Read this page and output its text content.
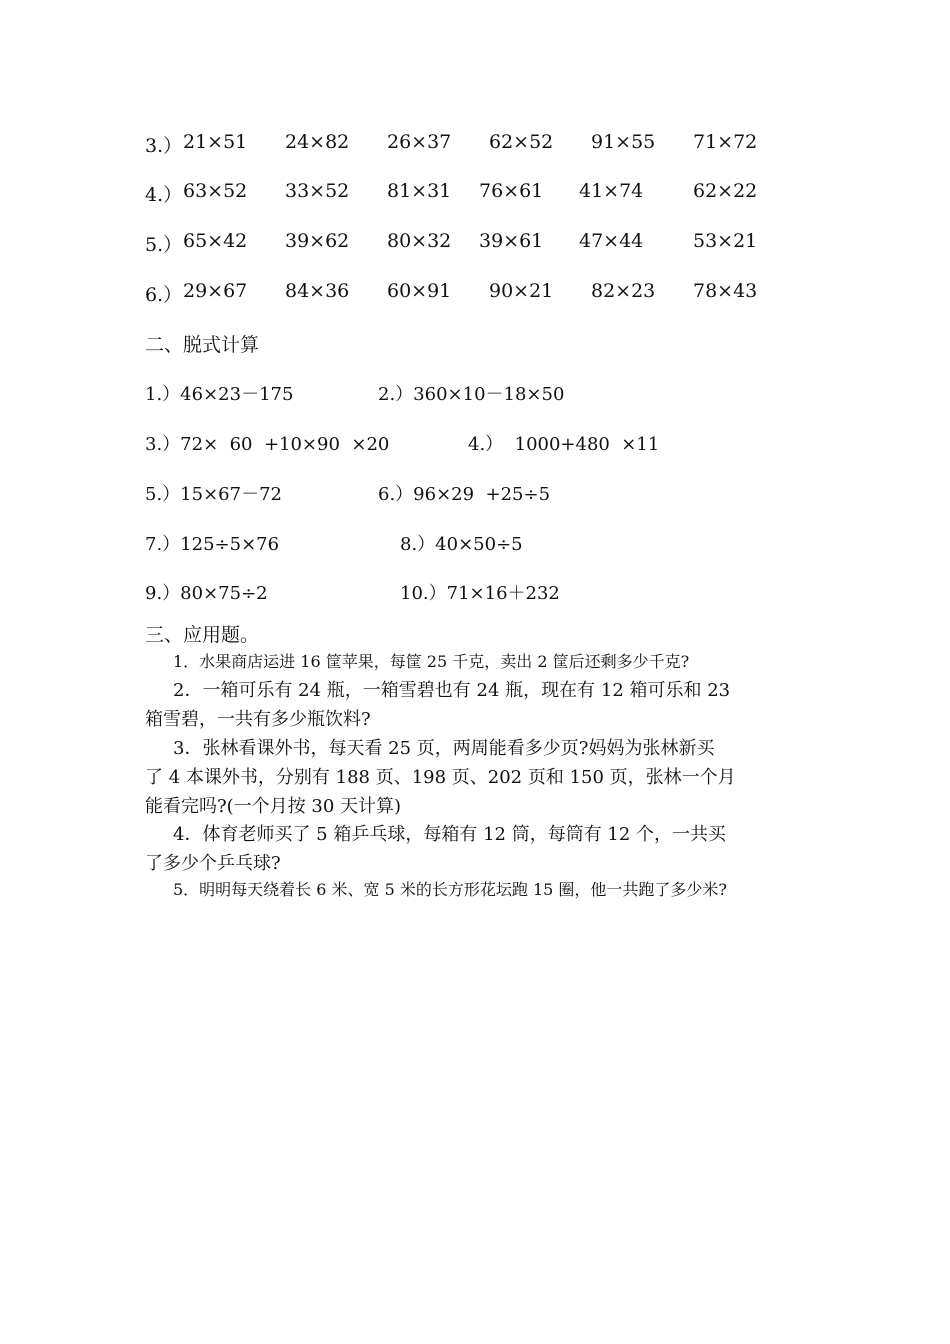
3.） 21×51 24×82 26×37 62×52 91×55 71×72
4.） 63×52 33×52 81×31 76×61 41×74	62×22
5.） 65×42 39×62 80×32 39×61 47×44	53×21
6.） 29×67 84×36 60×91 90×21 82×23 78×43
二、脱式计算
1.）46×23－175	2.）360×10－18×50
3.）72×  60  +10×90  ×20	4.）  1000+480  ×11
5.）15×67－72	6.）96×29  +25÷5
7.）125÷5×76	8.）40×50÷5
9.）80×75÷2	10.）71×16＋232
三、应用题。
1．水果商店运进 16 筐苹果，每筐 25 千克，卖出 2 筐后还剩多少千克?
2．一箱可乐有 24 瓶，一箱雪碧也有 24 瓶，现在有 12 箱可乐和 23
箱雪碧，一共有多少瓶饮料?
3．张林看课外书，每天看 25 页，两周能看多少页?妈妈为张林新买
了 4 本课外书，分别有 188 页、198 页、202 页和 150 页，张林一个月
能看完吗?(一个月按 30 天计算)
4．体育老师买了 5 箱乒乓球，每箱有 12 筒，每筒有 12 个，一共买
了多少个乒乓球?
5．明明每天绕着长 6 米、宽 5 米的长方形花坛跑 15 圈，他一共跑了多少米?
